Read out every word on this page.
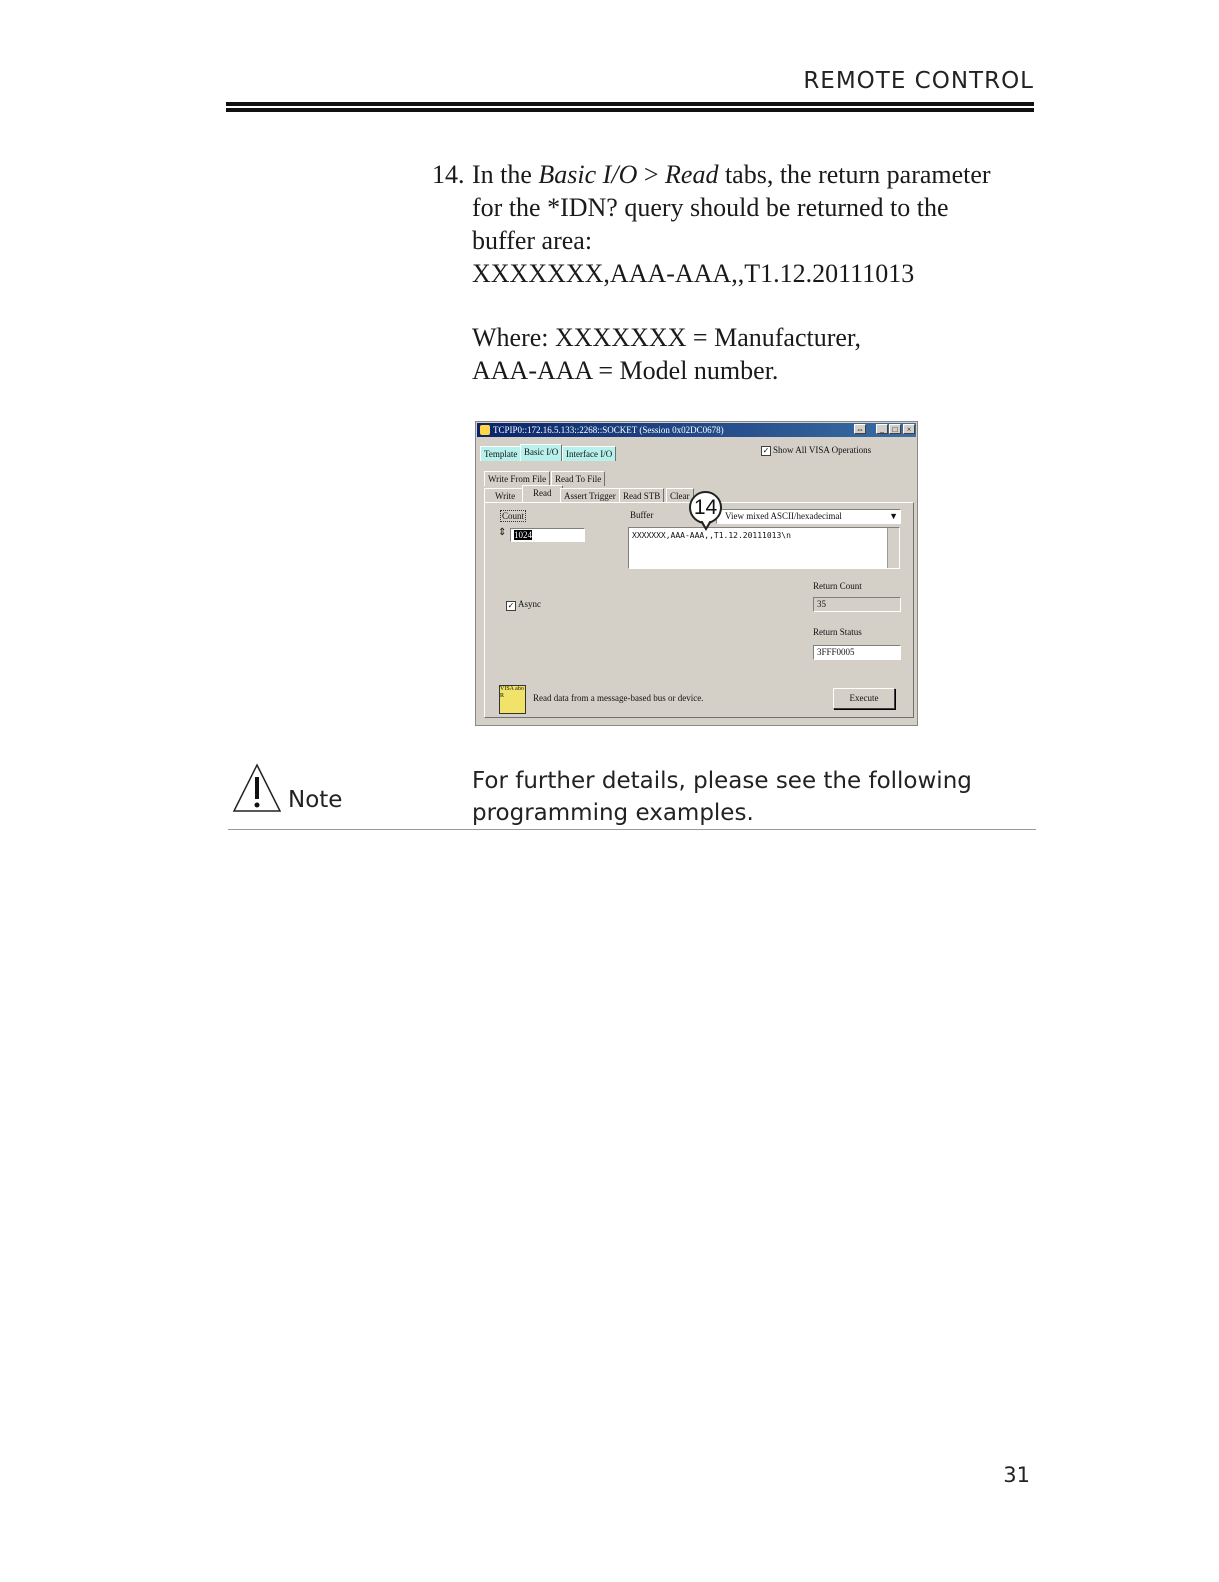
REMOTE CONTROL
14. In the Basic I/O > Read tabs, the return parameter for the *IDN? query should be returned to the buffer area:
XXXXXXX,AAA-AAA,,T1.12.20111013
Where: XXXXXXX = Manufacturer,
AAA-AAA = Model number.
TCPIP0::172.16.5.133::2268::SOCKET (Session 0x02DC0678)	⇔	_	□	×
Template Basic I/O Interface I/O	✓ Show All VISA Operations
Write From File Read To File
Write	Read	Assert Trigger Read STB	Clear
Count
⇕ 1024
Buffer	View mixed ASCII/hexadecimal	▼
XXXXXXX,AAA-AAA,,T1.12.20111013\n
✓ Async
Return Count
35
Return Status
3FFF0005
VISA abo R	Read data from a message-based bus or device.	Execute
14
Note
For further details, please see the following programming examples.
31
